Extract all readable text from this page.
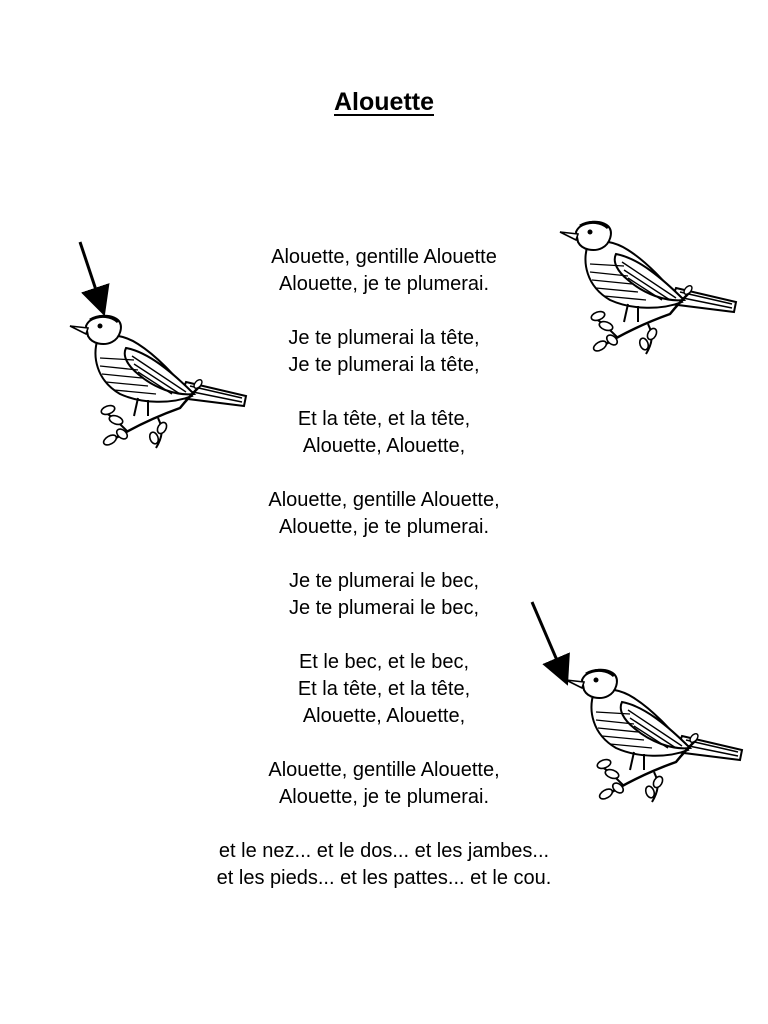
Alouette
Alouette, gentille Alouette
Alouette, je te plumerai.
Je te plumerai la tête,
Je te plumerai la tête,
Et la tête, et la tête,
Alouette, Alouette,
Alouette, gentille Alouette,
Alouette, je te plumerai.
Je te plumerai le bec,
Je te plumerai le bec,
Et le bec, et le bec,
Et la tête, et la tête,
Alouette, Alouette,
Alouette, gentille Alouette,
Alouette, je te plumerai.
et le nez... et le dos... et les jambes...
et les pieds... et les pattes... et le cou.
